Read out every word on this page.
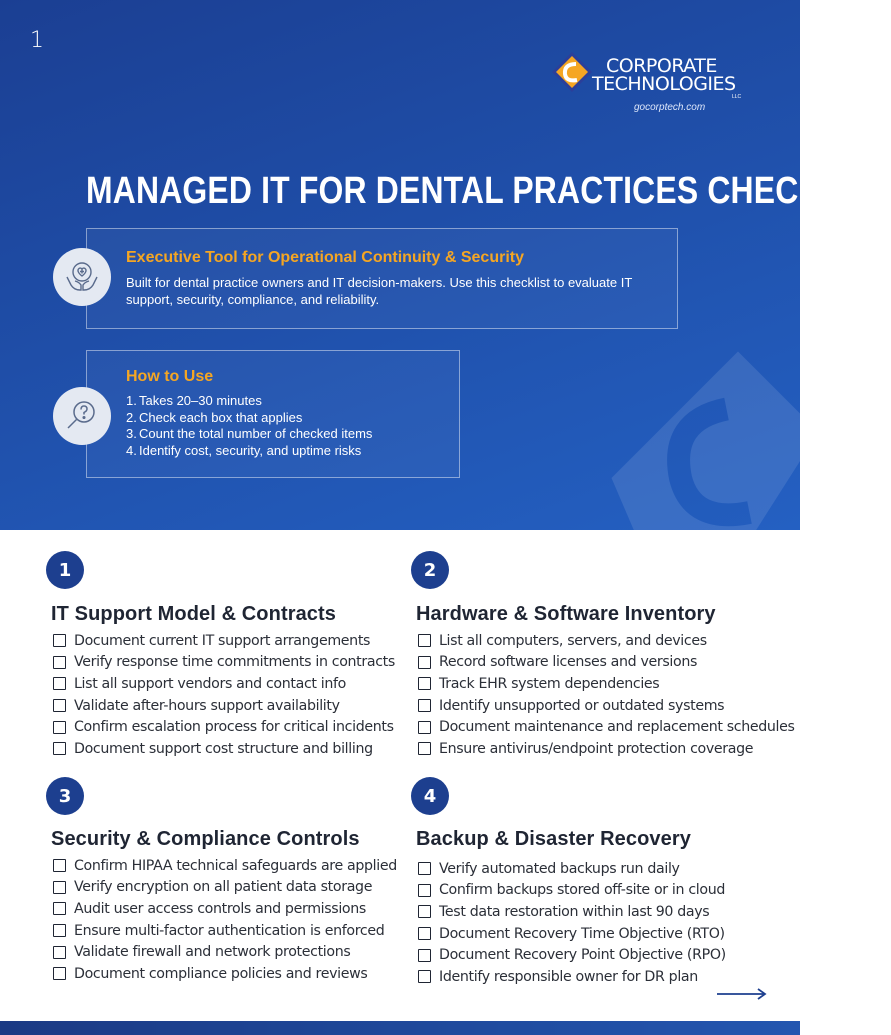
1
CORPORATE
TECHNOLOGIES
LLC
gocorptech.com
MANAGED IT FOR DENTAL PRACTICES CHECKLIST
Executive Tool for Operational Continuity & Security
Built for dental practice owners and IT decision-makers. Use this checklist to evaluate IT support, security, compliance, and reliability.
How to Use
1. Takes 20–30 minutes
2. Check each box that applies
3. Count the total number of checked items
4. Identify cost, security, and uptime risks
1
IT Support Model & Contracts
Document current IT support arrangements
Verify response time commitments in contracts
List all support vendors and contact info
Validate after-hours support availability
Confirm escalation process for critical incidents
Document support cost structure and billing
2
Hardware & Software Inventory
List all computers, servers, and devices
Record software licenses and versions
Track EHR system dependencies
Identify unsupported or outdated systems
Document maintenance and replacement schedules
Ensure antivirus/endpoint protection coverage
3
Security & Compliance Controls
Confirm HIPAA technical safeguards are applied
Verify encryption on all patient data storage
Audit user access controls and permissions
Ensure multi-factor authentication is enforced
Validate firewall and network protections
Document compliance policies and reviews
4
Backup & Disaster Recovery
Verify automated backups run daily
Confirm backups stored off-site or in cloud
Test data restoration within last 90 days
Document Recovery Time Objective (RTO)
Document Recovery Point Objective (RPO)
Identify responsible owner for DR plan
